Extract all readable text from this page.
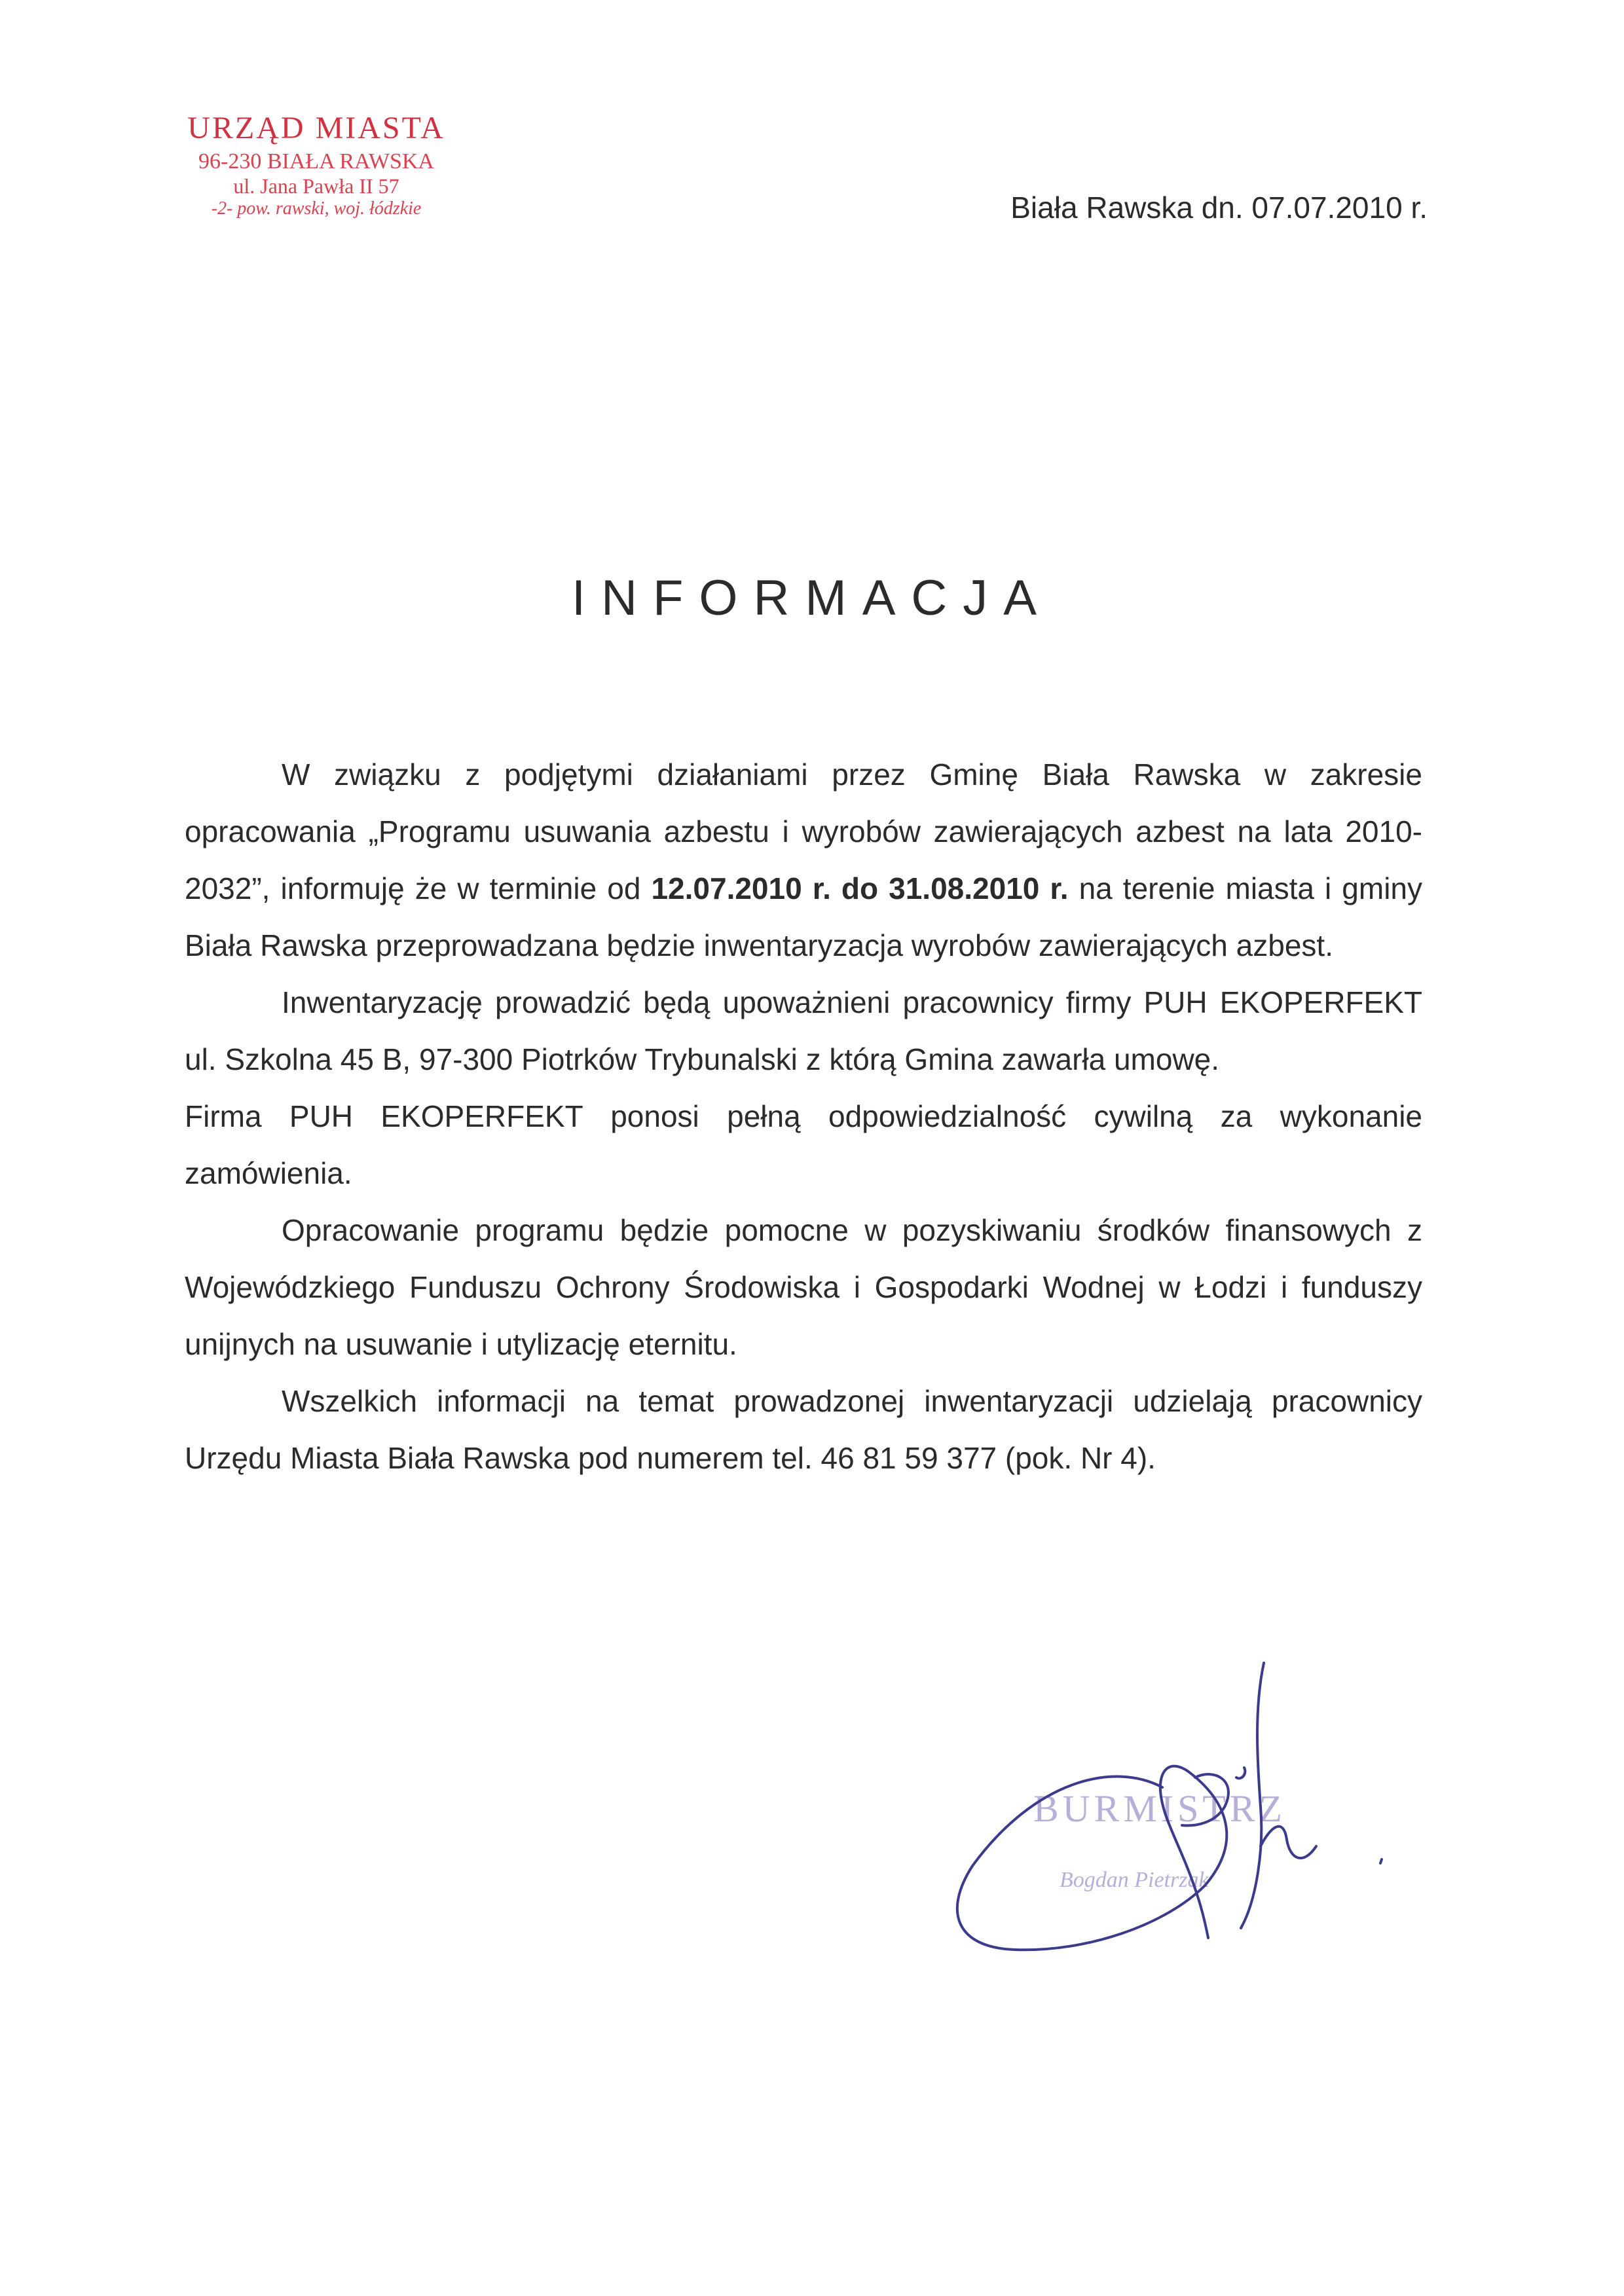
URZĄD MIASTA
96-230 BIAŁA RAWSKA
ul. Jana Pawła II 57
-2- pow. rawski, woj. łódzkie	Biała Rawska dn. 07.07.2010 r.
INFORMACJA

W związku z podjętymi działaniami przez Gminę Biała Rawska w zakresie opracowania „Programu usuwania azbestu i wyrobów zawierających azbest na lata 2010-2032”, informuję że w terminie od 12.07.2010 r. do 31.08.2010 r. na terenie miasta i gminy Biała Rawska przeprowadzana będzie inwentaryzacja wyrobów zawierających azbest.

Inwentaryzację prowadzić będą upoważnieni pracownicy firmy PUH EKOPERFEKT ul. Szkolna 45 B, 97-300 Piotrków Trybunalski z którą Gmina zawarła umowę.

Firma PUH EKOPERFEKT ponosi pełną odpowiedzialność cywilną za wykonanie zamówienia.

Opracowanie programu będzie pomocne w pozyskiwaniu środków finansowych z Wojewódzkiego Funduszu Ochrony Środowiska i Gospodarki Wodnej w Łodzi i funduszy unijnych na usuwanie i utylizację eternitu.

Wszelkich informacji na temat prowadzonej inwentaryzacji udzielają pracownicy Urzędu Miasta Biała Rawska pod numerem tel. 46 81 59 377 (pok. Nr 4).

BURMISTRZ
Bogdan Pietrzak
